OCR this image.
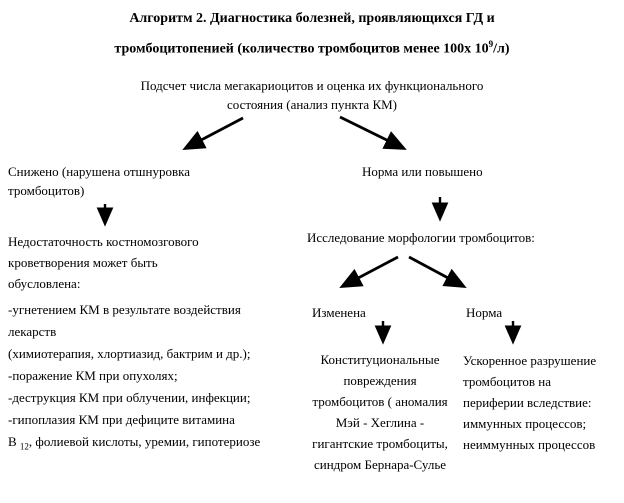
Алгоритм 2. Диагностика болезней, проявляющихся ГД и
тромбоцитопенией (количество тромбоцитов менее 100х $10^9/л$)
Подсчет числа мегакариоцитов и оценка их функционального
состояния (анализ пункта КМ)
Снижено (нарушена отшнуровка
тромбоцитов)
Норма или повышено
Недостаточность костномозгового
кроветворения может быть
обусловлена:
-угнетением КМ в результате воздействия
лекарств
(химиотерапия, хлортиазид, бактрим и др.);
-поражение КМ при опухолях;
-деструкция КМ при облучении, инфекции;
-гипоплазия КМ при дефиците витамина
В $_{12}$, фолиевой кислоты, уремии, гипотериозе
Исследование морфологии тромбоцитов:
Изменена	Норма
Конституциональные
повреждения
тромбоцитов ( аномалия
Мэй - Хеглина -
гигантские тромбоциты,
синдром Бернара-Сулье
Ускоренное разрушение
тромбоцитов на
периферии вследствие:
иммунных процессов;
неиммунных процессов
